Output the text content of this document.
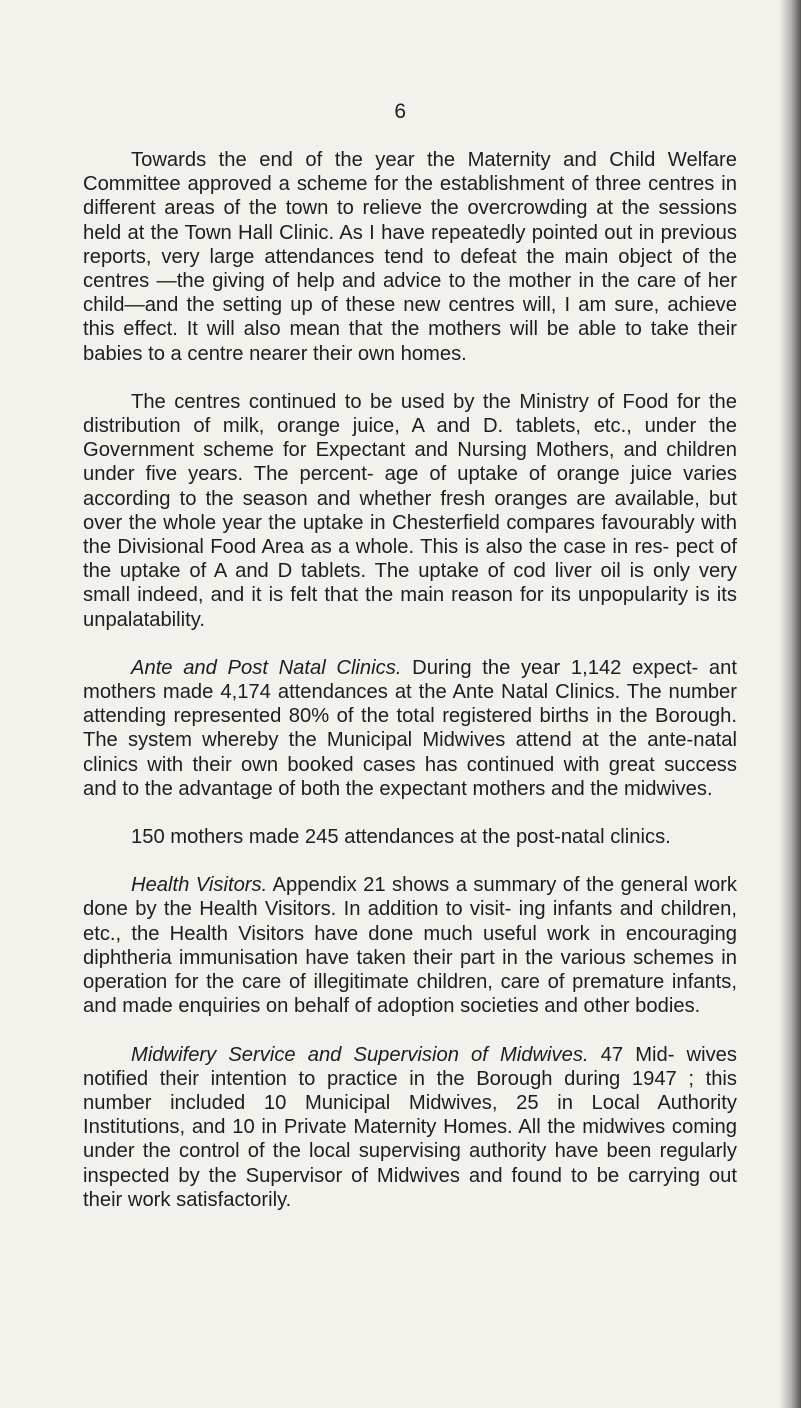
6

Towards the end of the year the Maternity and Child Welfare Committee approved a scheme for the establishment of three centres in different areas of the town to relieve the overcrowding at the sessions held at the Town Hall Clinic. As I have repeatedly pointed out in previous reports, very large attendances tend to defeat the main object of the centres —the giving of help and advice to the mother in the care of her child—and the setting up of these new centres will, I am sure, achieve this effect. It will also mean that the mothers will be able to take their babies to a centre nearer their own homes.

The centres continued to be used by the Ministry of Food for the distribution of milk, orange juice, A and D. tablets, etc., under the Government scheme for Expectant and Nursing Mothers, and children under five years. The percent- age of uptake of orange juice varies according to the season and whether fresh oranges are available, but over the whole year the uptake in Chesterfield compares favourably with the Divisional Food Area as a whole. This is also the case in res- pect of the uptake of A and D tablets. The uptake of cod liver oil is only very small indeed, and it is felt that the main reason for its unpopularity is its unpalatability.

Ante and Post Natal Clinics. During the year 1,142 expect- ant mothers made 4,174 attendances at the Ante Natal Clinics. The number attending represented 80% of the total registered births in the Borough. The system whereby the Municipal Midwives attend at the ante-natal clinics with their own booked cases has continued with great success and to the advantage of both the expectant mothers and the midwives.

150 mothers made 245 attendances at the post-natal clinics.

Health Visitors. Appendix 21 shows a summary of the general work done by the Health Visitors. In addition to visit- ing infants and children, etc., the Health Visitors have done much useful work in encouraging diphtheria immunisation have taken their part in the various schemes in operation for the care of illegitimate children, care of premature infants, and made enquiries on behalf of adoption societies and other bodies.

Midwifery Service and Supervision of Midwives. 47 Mid- wives notified their intention to practice in the Borough during 1947 ; this number included 10 Municipal Midwives, 25 in Local Authority Institutions, and 10 in Private Maternity Homes. All the midwives coming under the control of the local supervising authority have been regularly inspected by the Supervisor of Midwives and found to be carrying out their work satisfactorily.
